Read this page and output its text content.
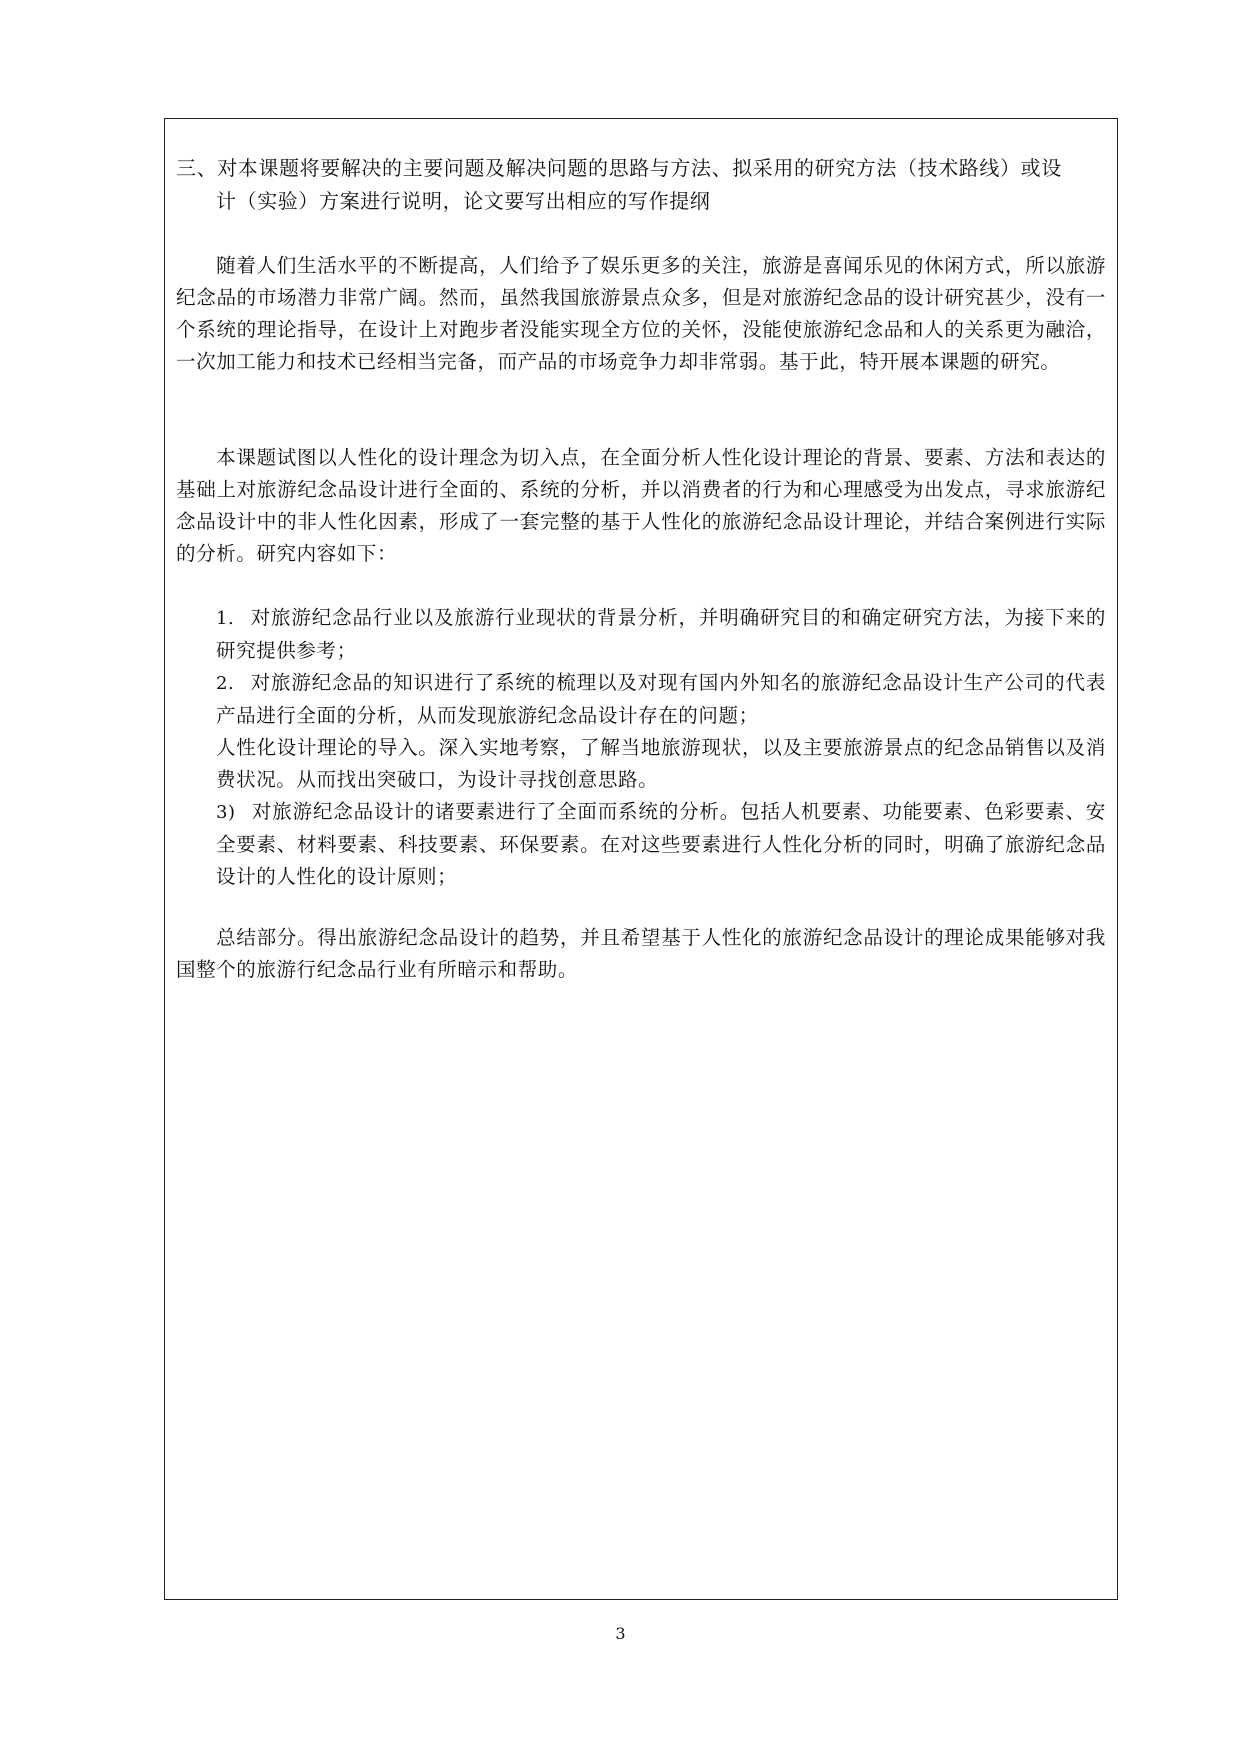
三、对本课题将要解决的主要问题及解决问题的思路与方法、拟采用的研究方法（技术路线）或设
计（实验）方案进行说明，论文要写出相应的写作提纲
随着人们生活水平的不断提高，人们给予了娱乐更多的关注，旅游是喜闻乐见的休闲方式，所以旅游纪念品的市场潜力非常广阔。然而，虽然我国旅游景点众多，但是对旅游纪念品的设计研究甚少，没有一个系统的理论指导，在设计上对跑步者没能实现全方位的关怀，没能使旅游纪念品和人的关系更为融洽，一次加工能力和技术已经相当完备，而产品的市场竞争力却非常弱。基于此，特开展本课题的研究。
本课题试图以人性化的设计理念为切入点，在全面分析人性化设计理论的背景、要素、方法和表达的基础上对旅游纪念品设计进行全面的、系统的分析，并以消费者的行为和心理感受为出发点，寻求旅游纪念品设计中的非人性化因素，形成了一套完整的基于人性化的旅游纪念品设计理论，并结合案例进行实际的分析。研究内容如下：
1. 对旅游纪念品行业以及旅游行业现状的背景分析，并明确研究目的和确定研究方法，为接下来的研究提供参考；
2. 对旅游纪念品的知识进行了系统的梳理以及对现有国内外知名的旅游纪念品设计生产公司的代表产品进行全面的分析，从而发现旅游纪念品设计存在的问题；
人性化设计理论的导入。深入实地考察，了解当地旅游现状，以及主要旅游景点的纪念品销售以及消费状况。从而找出突破口，为设计寻找创意思路。
3) 对旅游纪念品设计的诸要素进行了全面而系统的分析。包括人机要素、功能要素、色彩要素、安全要素、材料要素、科技要素、环保要素。在对这些要素进行人性化分析的同时，明确了旅游纪念品设计的人性化的设计原则；
总结部分。得出旅游纪念品设计的趋势，并且希望基于人性化的旅游纪念品设计的理论成果能够对我国整个的旅游行纪念品行业有所暗示和帮助。
3
